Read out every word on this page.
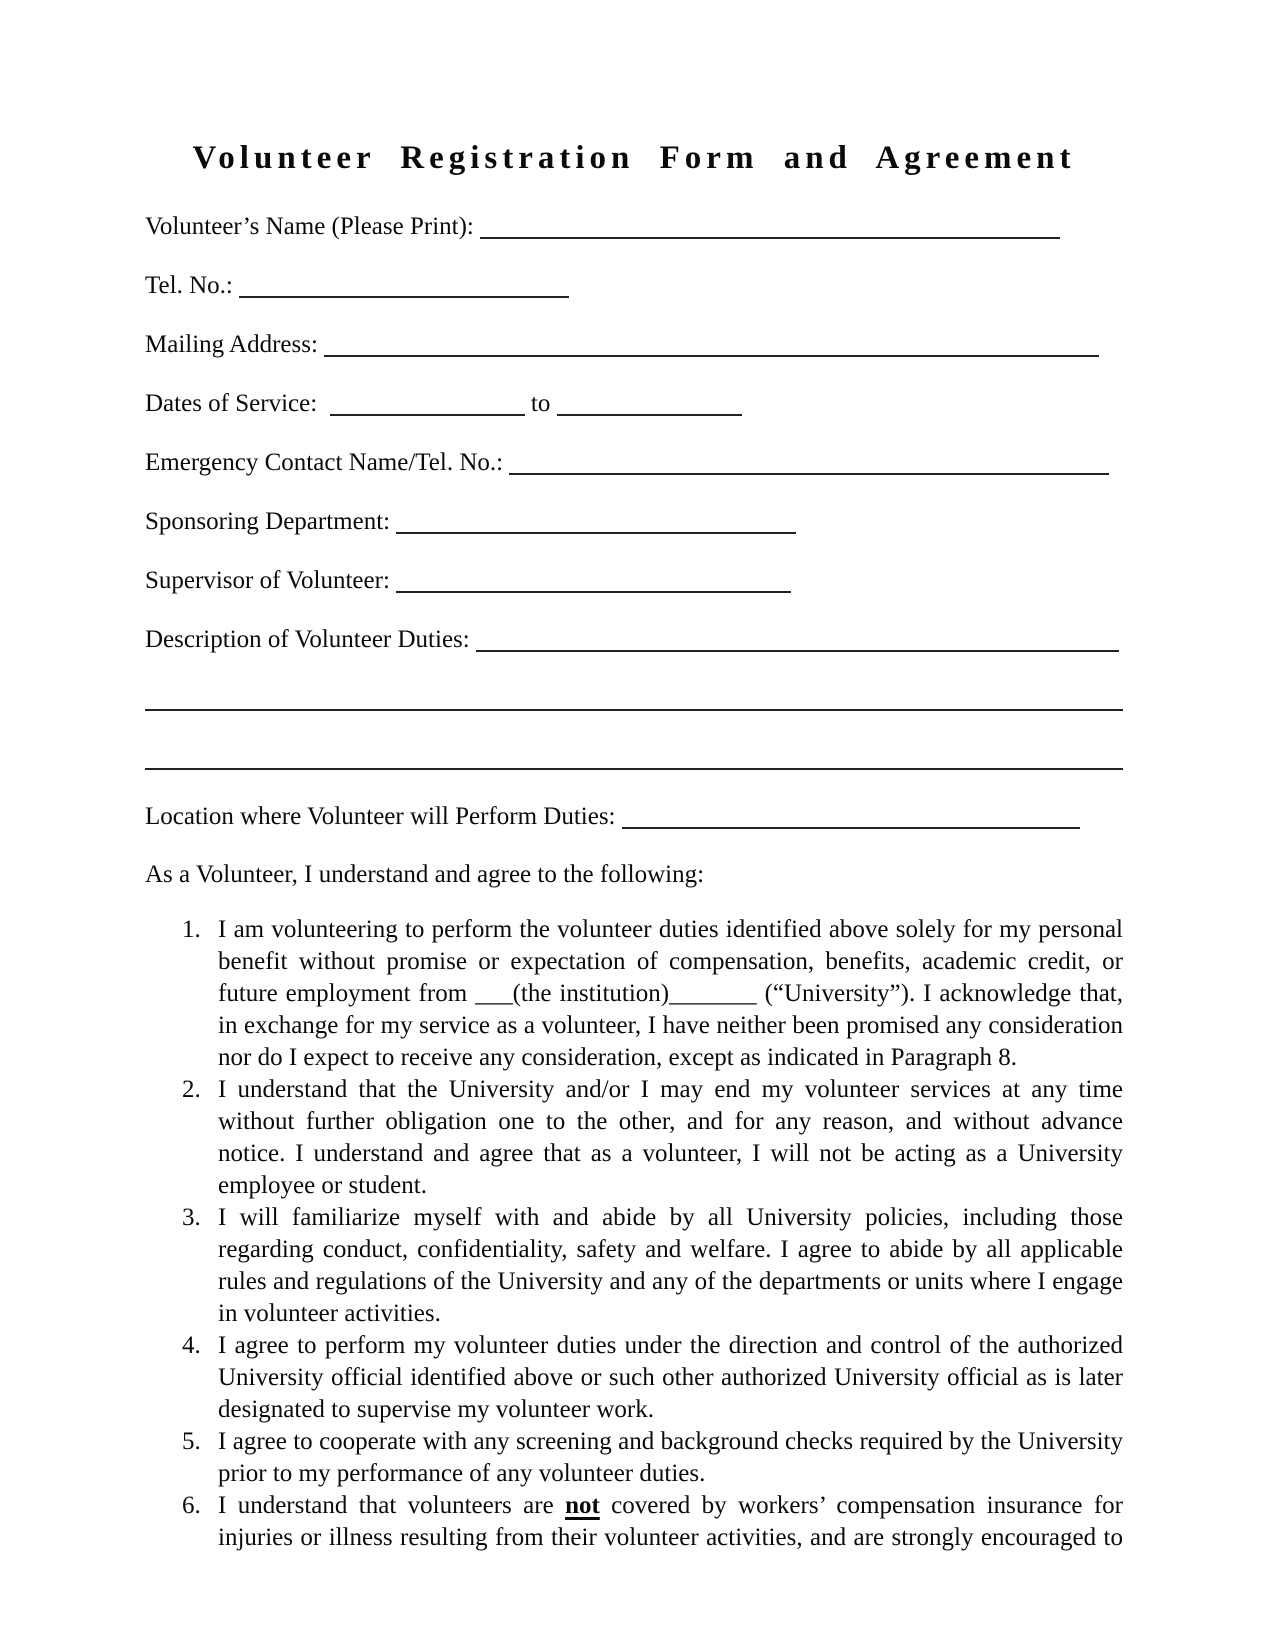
Volunteer Registration Form and Agreement
Volunteer’s Name (Please Print):
Tel. No.:
Mailing Address:
Dates of Service:	to
Emergency Contact Name/Tel. No.:
Sponsoring Department:
Supervisor of Volunteer:
Description of Volunteer Duties:
Location where Volunteer will Perform Duties:

As a Volunteer, I understand and agree to the following:

1. I am volunteering to perform the volunteer duties identified above solely for my personal benefit without promise or expectation of compensation, benefits, academic credit, or future employment from ___(the institution)_______ (“University”). I acknowledge that, in exchange for my service as a volunteer, I have neither been promised any consideration nor do I expect to receive any consideration, except as indicated in Paragraph 8.
2. I understand that the University and/or I may end my volunteer services at any time without further obligation one to the other, and for any reason, and without advance notice. I understand and agree that as a volunteer, I will not be acting as a University employee or student.
3. I will familiarize myself with and abide by all University policies, including those regarding conduct, confidentiality, safety and welfare. I agree to abide by all applicable rules and regulations of the University and any of the departments or units where I engage in volunteer activities.
4. I agree to perform my volunteer duties under the direction and control of the authorized University official identified above or such other authorized University official as is later designated to supervise my volunteer work.
5. I agree to cooperate with any screening and background checks required by the University prior to my performance of any volunteer duties.
6. I understand that volunteers are not covered by workers’ compensation insurance for injuries or illness resulting from their volunteer activities, and are strongly encouraged to
